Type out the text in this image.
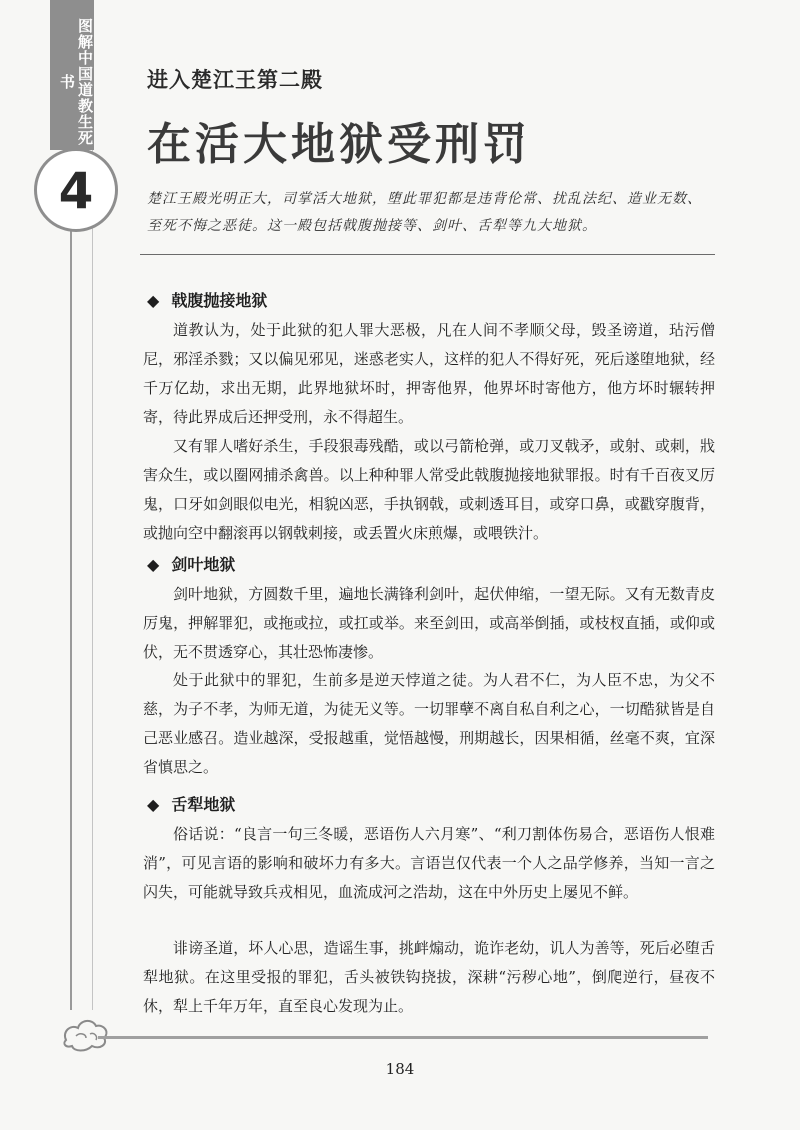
图解中国道教生死书
4
进入楚江王第二殿
在活大地狱受刑罚
楚江王殿光明正大，司掌活大地狱，堕此罪犯都是违背伦常、扰乱法纪、造业无数、至死不悔之恶徒。这一殿包括戟腹抛接等、剑叶、舌犁等九大地狱。
◆ 戟腹抛接地狱
道教认为，处于此狱的犯人罪大恶极，凡在人间不孝顺父母，毁圣谤道，玷污僧尼，邪淫杀戮；又以偏见邪见，迷惑老实人，这样的犯人不得好死，死后遂堕地狱，经千万亿劫，求出无期，此界地狱坏时，押寄他界，他界坏时寄他方，他方坏时辗转押寄，待此界成后还押受刑，永不得超生。
又有罪人嗜好杀生，手段狠毒残酷，或以弓箭枪弹，或刀叉戟矛，或射、或刺，戕害众生，或以圈网捕杀禽兽。以上种种罪人常受此戟腹抛接地狱罪报。时有千百夜叉厉鬼，口牙如剑眼似电光，相貌凶恶，手执钢戟，或刺透耳目，或穿口鼻，或戳穿腹背，或抛向空中翻滚再以钢戟刺接，或丢置火床煎爆，或喂铁汁。
◆ 剑叶地狱
剑叶地狱，方圆数千里，遍地长满锋利剑叶，起伏伸缩，一望无际。又有无数青皮厉鬼，押解罪犯，或拖或拉，或扛或举。来至剑田，或高举倒插，或枝杈直插，或仰或伏，无不贯透穿心，其壮恐怖凄惨。
处于此狱中的罪犯，生前多是逆天悖道之徒。为人君不仁，为人臣不忠，为父不慈，为子不孝，为师无道，为徒无义等。一切罪孽不离自私自利之心，一切酷狱皆是自己恶业感召。造业越深，受报越重，觉悟越慢，刑期越长，因果相循，丝毫不爽，宜深省慎思之。
◆ 舌犁地狱
俗话说：“良言一句三冬暖，恶语伤人六月寒”、“利刀割体伤易合，恶语伤人恨难消”，可见言语的影响和破坏力有多大。言语岂仅代表一个人之品学修养，当知一言之闪失，可能就导致兵戎相见，血流成河之浩劫，这在中外历史上屡见不鲜。
诽谤圣道，坏人心思，造谣生事，挑衅煽动，诡诈老幼，讥人为善等，死后必堕舌犁地狱。在这里受报的罪犯，舌头被铁钩挠拔，深耕“污秽心地”，倒爬逆行，昼夜不休，犁上千年万年，直至良心发现为止。
184
